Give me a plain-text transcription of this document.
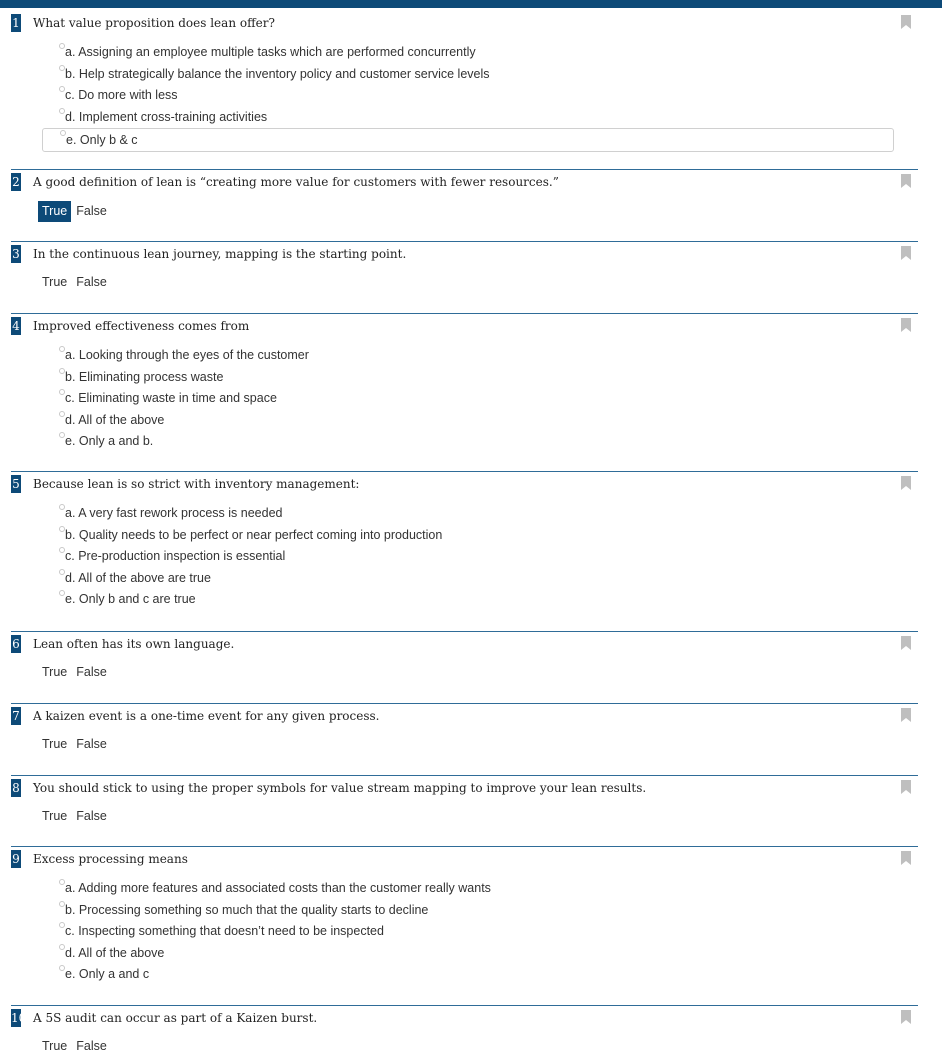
1 What value proposition does lean offer?
a. Assigning an employee multiple tasks which are performed concurrently
b. Help strategically balance the inventory policy and customer service levels
c. Do more with less
d. Implement cross-training activities
e. Only b & c
2 A good definition of lean is “creating more value for customers with fewer resources.”
True False
3 In the continuous lean journey, mapping is the starting point.
True False
4 Improved effectiveness comes from
a. Looking through the eyes of the customer
b. Eliminating process waste
c. Eliminating waste in time and space
d. All of the above
e. Only a and b.
5 Because lean is so strict with inventory management:
a. A very fast rework process is needed
b. Quality needs to be perfect or near perfect coming into production
c. Pre-production inspection is essential
d. All of the above are true
e. Only b and c are true
6 Lean often has its own language.
True False
7 A kaizen event is a one-time event for any given process.
True False
8 You should stick to using the proper symbols for value stream mapping to improve your lean results.
True False
9 Excess processing means
a. Adding more features and associated costs than the customer really wants
b. Processing something so much that the quality starts to decline
c. Inspecting something that doesn’t need to be inspected
d. All of the above
e. Only a and c
10 A 5S audit can occur as part of a Kaizen burst.
True False
